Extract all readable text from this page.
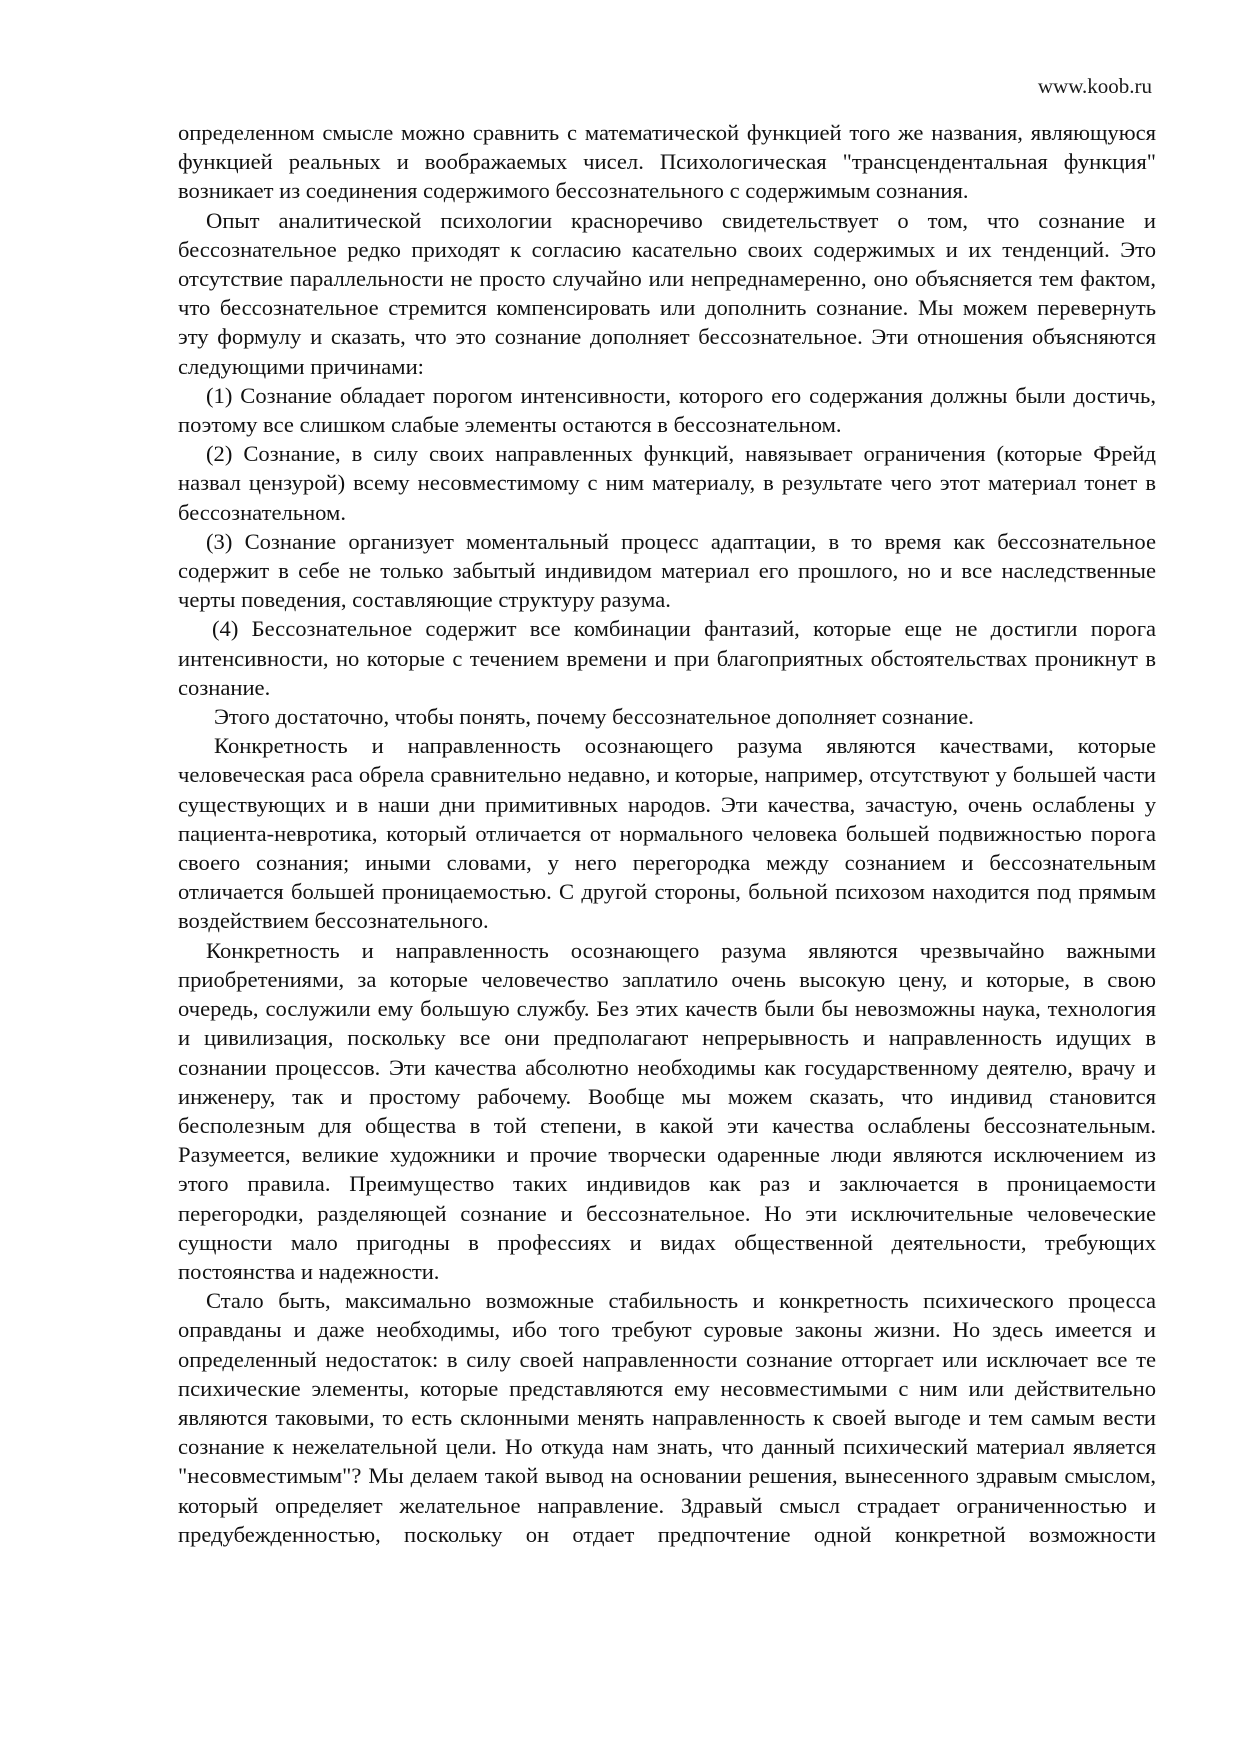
www.koob.ru

определенном смысле можно сравнить с математической функцией того же названия, являющуюся функцией реальных и воображаемых чисел. Психологическая "трансцендентальная функция" возникает из соединения содержимого бессознательного с содержимым сознания.

Опыт аналитической психологии красноречиво свидетельствует о том, что сознание и бессознательное редко приходят к согласию касательно своих содержимых и их тенденций. Это отсутствие параллельности не просто случайно или непреднамеренно, оно объясняется тем фактом, что бессознательное стремится компенсировать или дополнить сознание. Мы можем перевернуть эту формулу и сказать, что это сознание дополняет бессознательное. Эти отношения объясняются следующими причинами:

(1) Сознание обладает порогом интенсивности, которого его содержания должны были достичь, поэтому все слишком слабые элементы остаются в бессознательном.

(2) Сознание, в силу своих направленных функций, навязывает ограничения (которые Фрейд назвал цензурой) всему несовместимому с ним материалу, в результате чего этот материал тонет в бессознательном.

(3) Сознание организует моментальный процесс адаптации, в то время как бессознательное содержит в себе не только забытый индивидом материал его прошлого, но и все наследственные черты поведения, составляющие структуру разума.

(4) Бессознательное содержит все комбинации фантазий, которые еще не достигли порога интенсивности, но которые с течением времени и при благоприятных обстоятельствах проникнут в сознание.

Этого достаточно, чтобы понять, почему бессознательное дополняет сознание.

Конкретность и направленность осознающего разума являются качествами, которые человеческая раса обрела сравнительно недавно, и которые, например, отсутствуют у большей части существующих и в наши дни примитивных народов. Эти качества, зачастую, очень ослаблены у пациента-невротика, который отличается от нормального человека большей подвижностью порога своего сознания; иными словами, у него перегородка между сознанием и бессознательным отличается большей проницаемостью. С другой стороны, больной психозом находится под прямым воздействием бессознательного.

Конкретность и направленность осознающего разума являются чрезвычайно важными приобретениями, за которые человечество заплатило очень высокую цену, и которые, в свою очередь, сослужили ему большую службу. Без этих качеств были бы невозможны наука, технология и цивилизация, поскольку все они предполагают непрерывность и направленность идущих в сознании процессов. Эти качества абсолютно необходимы как государственному деятелю, врачу и инженеру, так и простому рабочему. Вообще мы можем сказать, что индивид становится бесполезным для общества в той степени, в какой эти качества ослаблены бессознательным. Разумеется, великие художники и прочие творчески одаренные люди являются исключением из этого правила. Преимущество таких индивидов как раз и заключается в проницаемости перегородки, разделяющей сознание и бессознательное. Но эти исключительные человеческие сущности мало пригодны в профессиях и видах общественной деятельности, требующих постоянства и надежности.

Стало быть, максимально возможные стабильность и конкретность психического процесса оправданы и даже необходимы, ибо того требуют суровые законы жизни. Но здесь имеется и определенный недостаток: в силу своей направленности сознание отторгает или исключает все те психические элементы, которые представляются ему несовместимыми с ним или действительно являются таковыми, то есть склонными менять направленность к своей выгоде и тем самым вести сознание к нежелательной цели. Но откуда нам знать, что данный психический материал является "несовместимым"? Мы делаем такой вывод на основании решения, вынесенного здравым смыслом, который определяет желательное направление. Здравый смысл страдает ограниченностью и предубежденностью, поскольку он отдает предпочтение одной конкретной возможности
